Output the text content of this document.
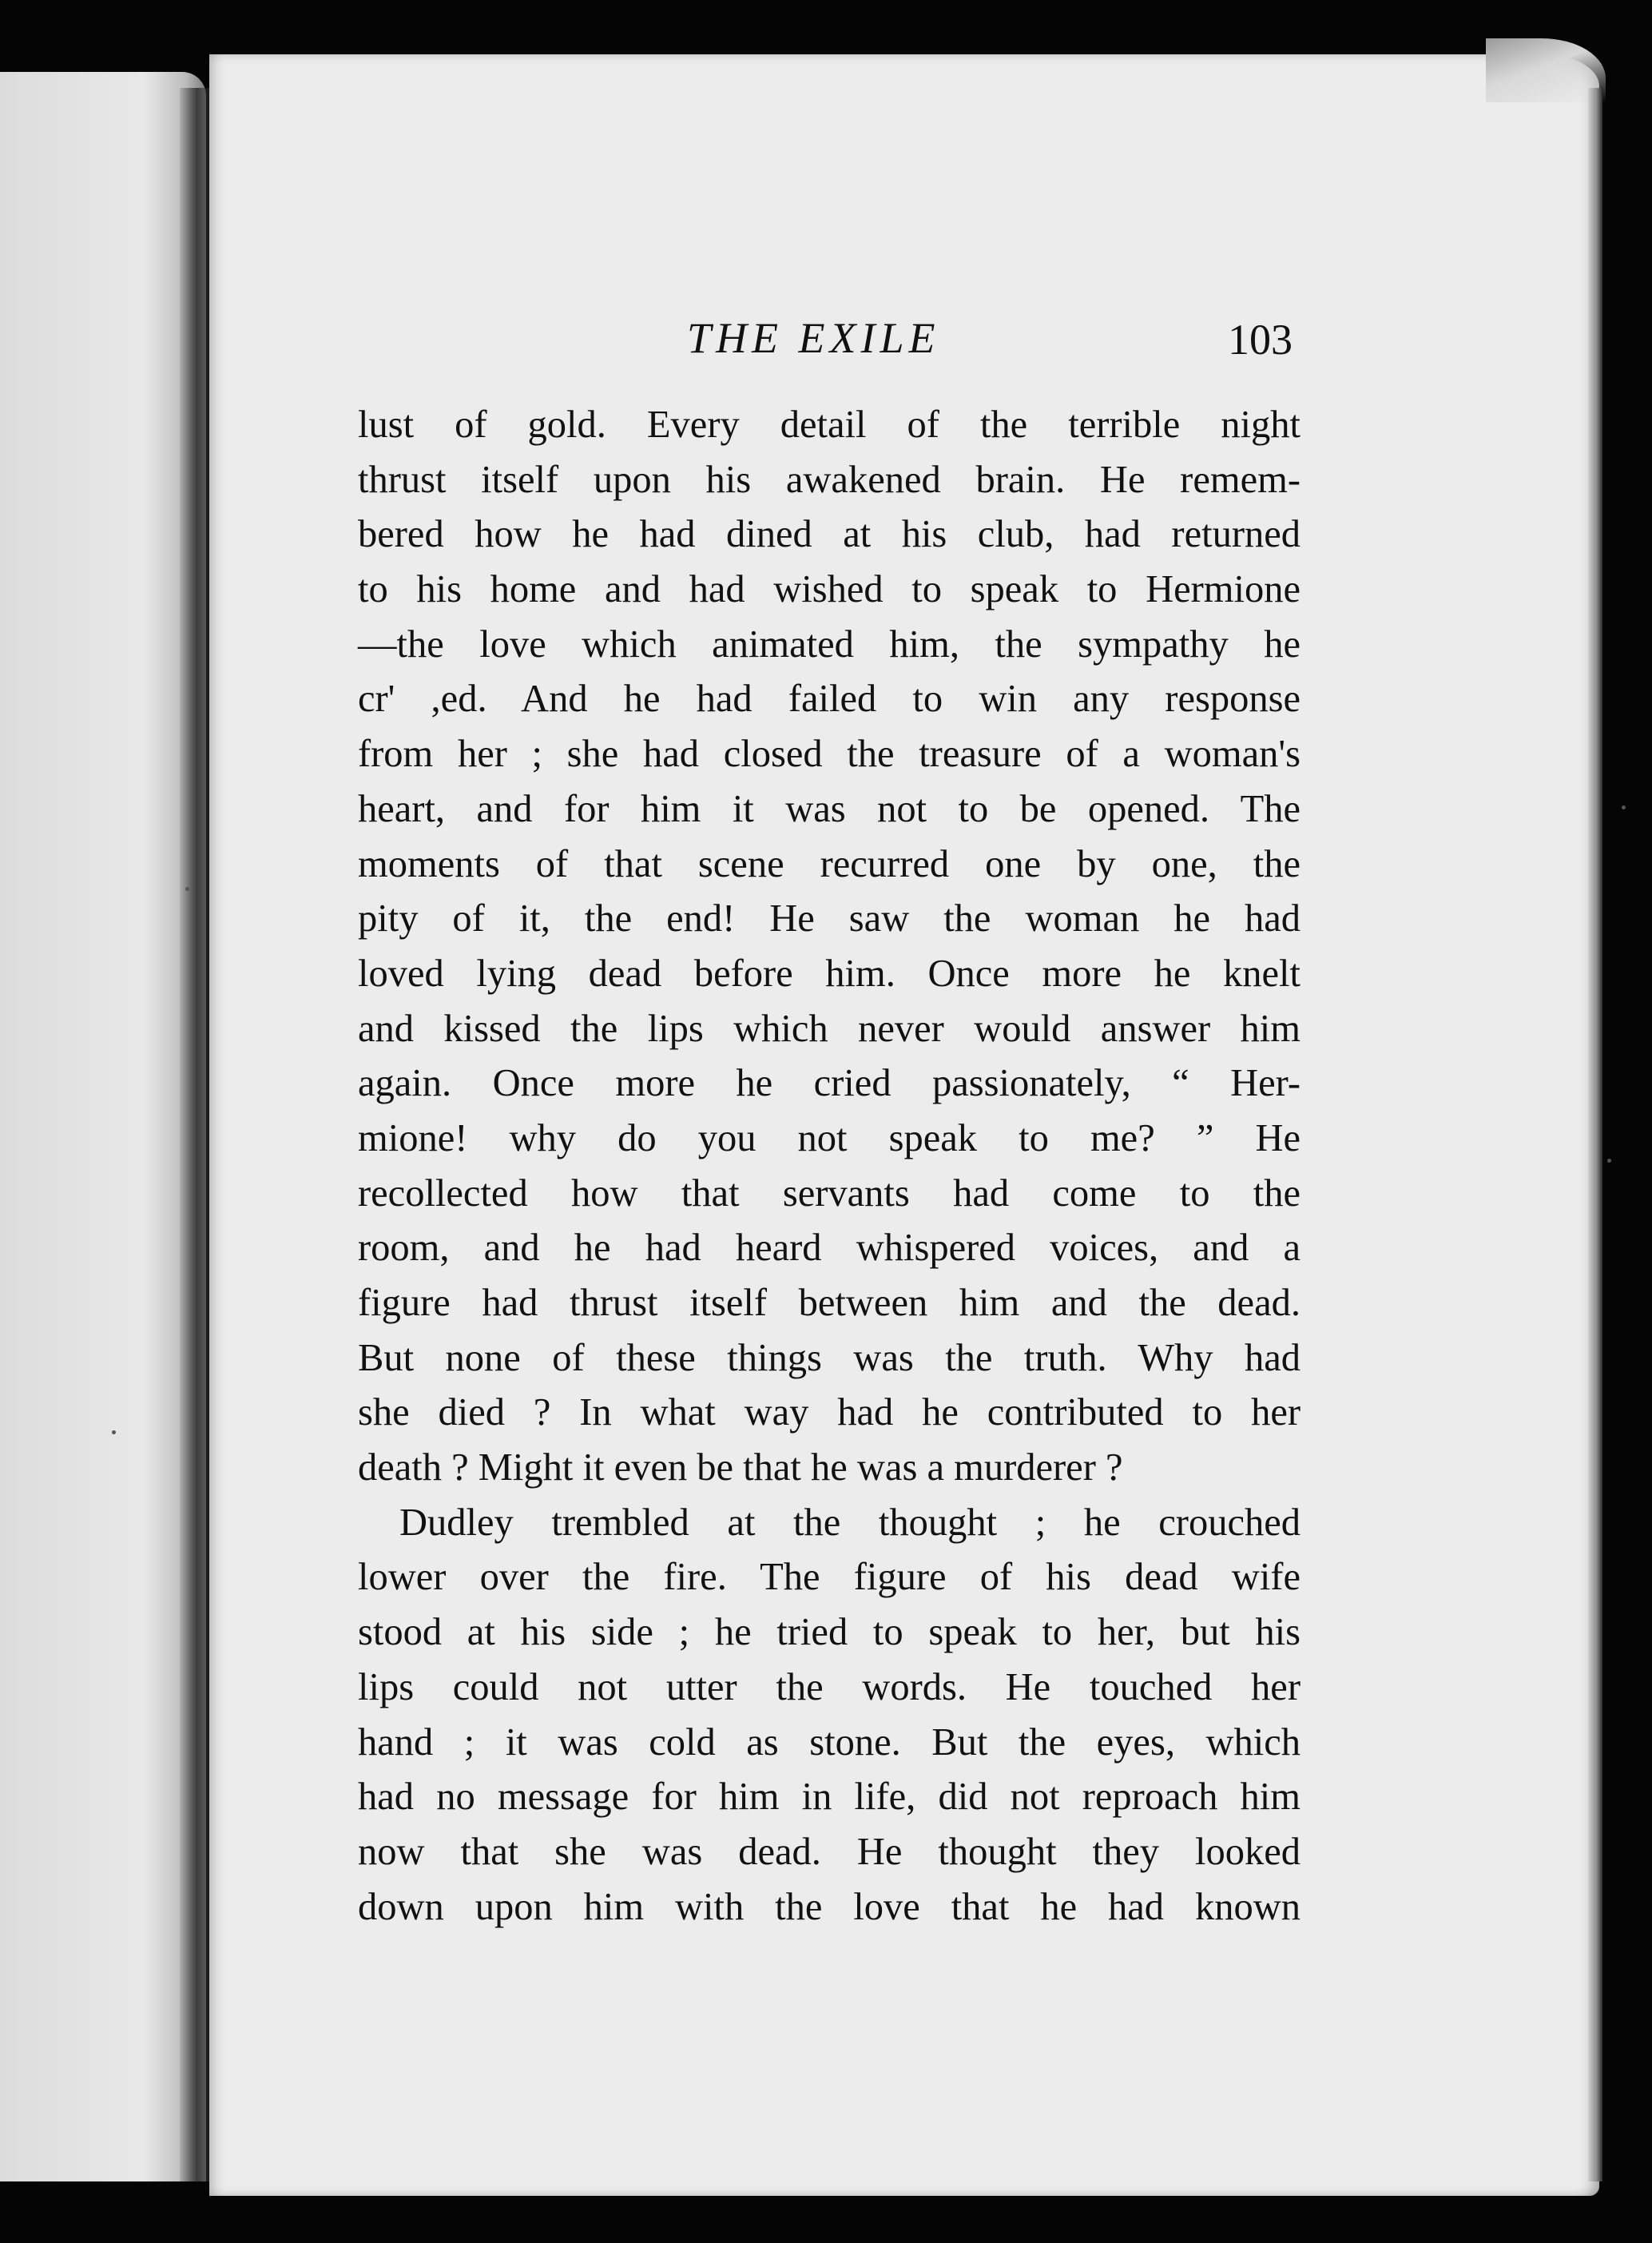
THE EXILE	103
lust of gold. Every detail of the terrible night
thrust itself upon his awakened brain. He remem-
bered how he had dined at his club, had returned
to his home and had wished to speak to Hermione
—the love which animated him, the sympathy he
cr' ,ed. And he had failed to win any response
from her ; she had closed the treasure of a woman's
heart, and for him it was not to be opened. The
moments of that scene recurred one by one, the
pity of it, the end! He saw the woman he had
loved lying dead before him. Once more he knelt
and kissed the lips which never would answer him
again. Once more he cried passionately, “ Her-
mione! why do you not speak to me? ” He
recollected how that servants had come to the
room, and he had heard whispered voices, and a
figure had thrust itself between him and the dead.
But none of these things was the truth. Why had
she died ? In what way had he contributed to her
death ? Might it even be that he was a murderer ?
Dudley trembled at the thought ; he crouched
lower over the fire. The figure of his dead wife
stood at his side ; he tried to speak to her, but his
lips could not utter the words. He touched her
hand ; it was cold as stone. But the eyes, which
had no message for him in life, did not reproach him
now that she was dead. He thought they looked
down upon him with the love that he had known
